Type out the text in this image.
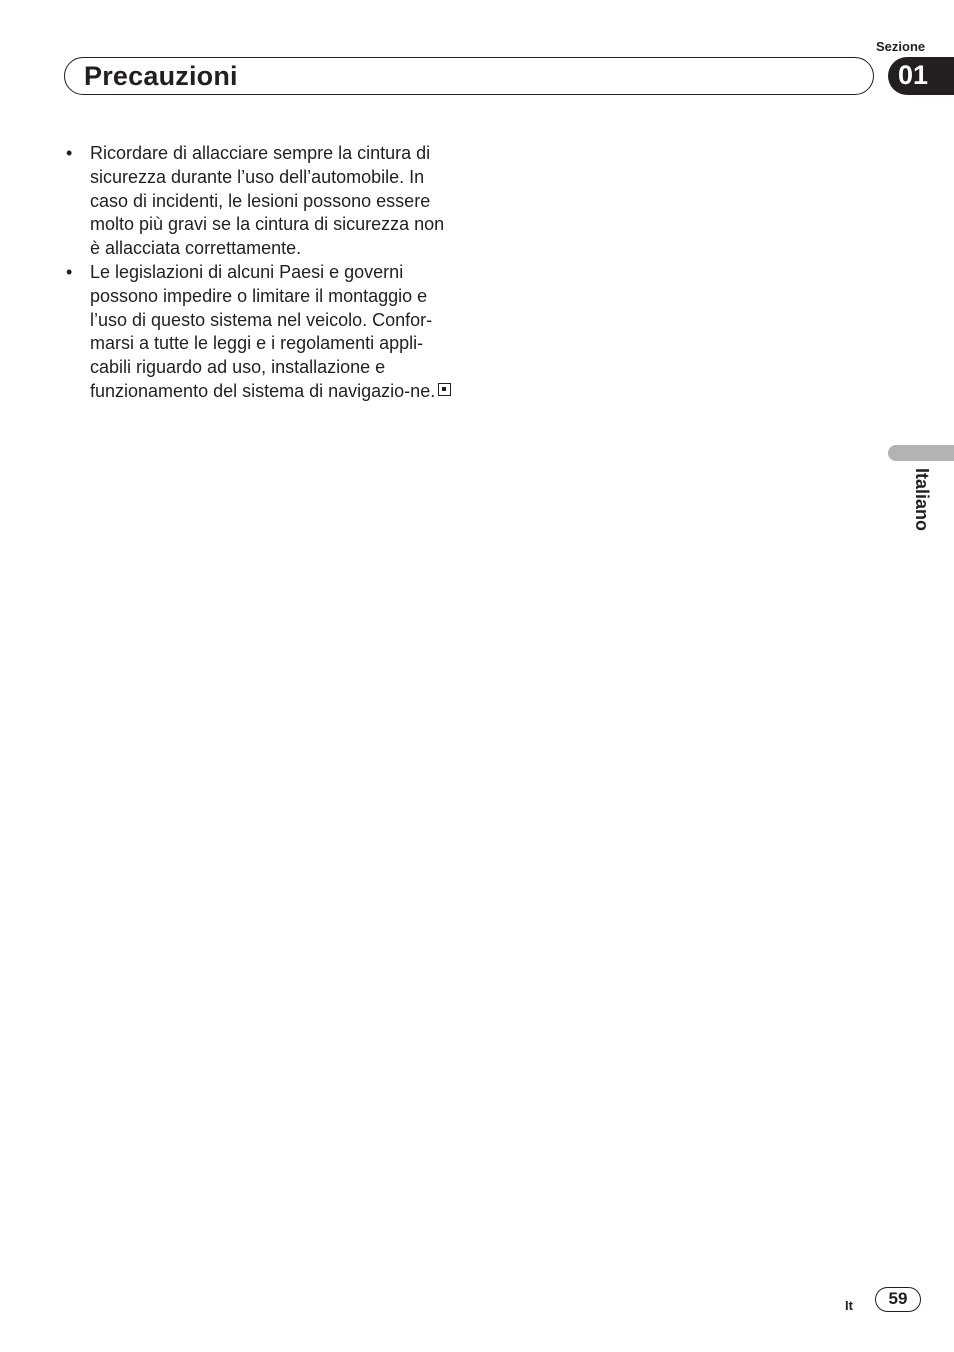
Sezione
Precauzioni	01
• Ricordare di allacciare sempre la cintura di sicurezza durante l’uso dell’automobile. In caso di incidenti, le lesioni possono essere molto più gravi se la cintura di sicurezza non è allacciata correttamente.
• Le legislazioni di alcuni Paesi e governi possono impedire o limitare il montaggio e l’uso di questo sistema nel veicolo. Confor-marsi a tutte le leggi e i regolamenti appli-cabili riguardo ad uso, installazione e funzionamento del sistema di navigazio-ne.
Italiano
It	59
